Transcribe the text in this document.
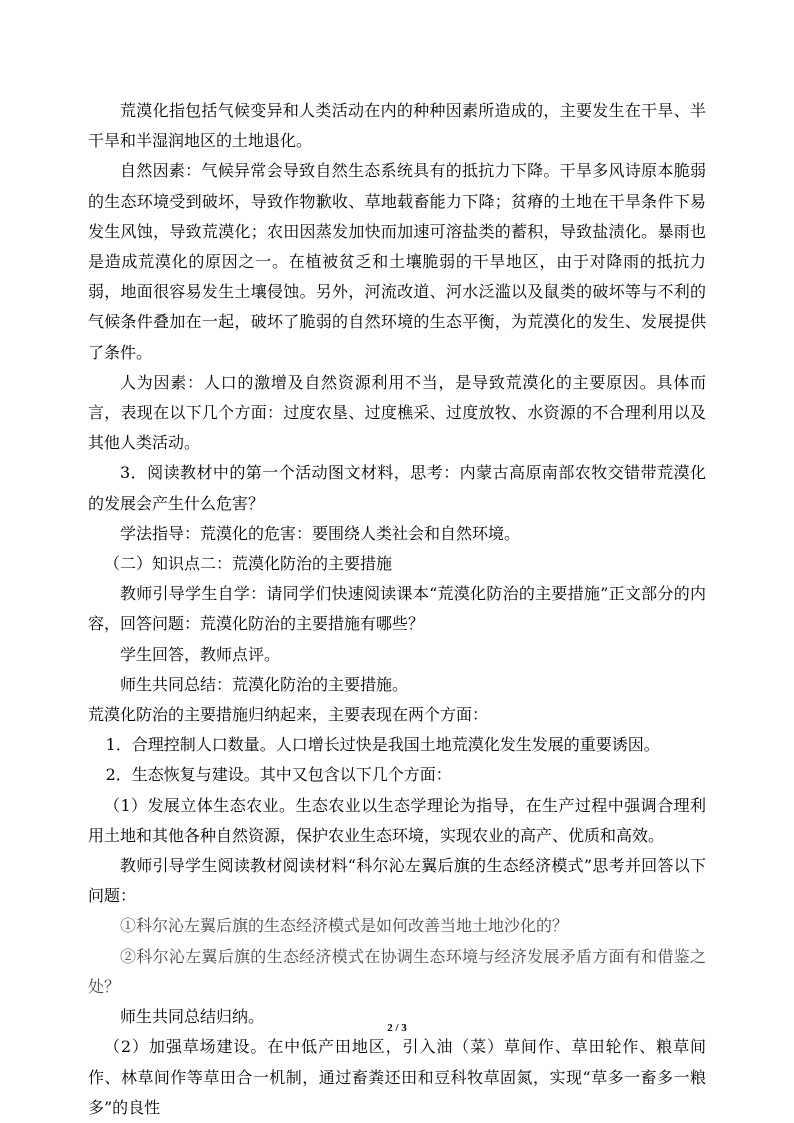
荒漠化指包括气候变异和人类活动在内的种种因素所造成的，主要发生在干旱、半干旱和半湿润地区的土地退化。

自然因素：气候异常会导致自然生态系统具有的抵抗力下降。干旱多风诗原本脆弱的生态环境受到破坏，导致作物歉收、草地载畜能力下降；贫瘠的土地在干旱条件下易发生风蚀，导致荒漠化；农田因蒸发加快而加速可溶盐类的蓄积，导致盐渍化。暴雨也是造成荒漠化的原因之一。在植被贫乏和土壤脆弱的干旱地区，由于对降雨的抵抗力弱，地面很容易发生土壤侵蚀。另外，河流改道、河水泛滥以及鼠类的破坏等与不利的气候条件叠加在一起，破坏了脆弱的自然环境的生态平衡，为荒漠化的发生、发展提供了条件。

人为因素：人口的激增及自然资源利用不当，是导致荒漠化的主要原因。具体而言，表现在以下几个方面：过度农垦、过度樵采、过度放牧、水资源的不合理利用以及其他人类活动。

3．阅读教材中的第一个活动图文材料，思考：内蒙古高原南部农牧交错带荒漠化的发展会产生什么危害？

学法指导：荒漠化的危害：要围绕人类社会和自然环境。

（二）知识点二：荒漠化防治的主要措施

教师引导学生自学：请同学们快速阅读课本“荒漠化防治的主要措施”正文部分的内容，回答问题：荒漠化防治的主要措施有哪些？

学生回答，教师点评。

师生共同总结：荒漠化防治的主要措施。

荒漠化防治的主要措施归纳起来，主要表现在两个方面：

1．合理控制人口数量。人口增长过快是我国土地荒漠化发生发展的重要诱因。

2．生态恢复与建设。其中又包含以下几个方面：

（1）发展立体生态农业。生态农业以生态学理论为指导，在生产过程中强调合理利用土地和其他各种自然资源，保护农业生态环境，实现农业的高产、优质和高效。

教师引导学生阅读教材阅读材料“科尔沁左翼后旗的生态经济模式”思考并回答以下问题：

①科尔沁左翼后旗的生态经济模式是如何改善当地土地沙化的？

②科尔沁左翼后旗的生态经济模式在协调生态环境与经济发展矛盾方面有和借鉴之处？

师生共同总结归纳。

（2）加强草场建设。在中低产田地区，引入油（菜）草间作、草田轮作、粮草间作、林草间作等草田合一机制，通过畜粪还田和豆科牧草固氮，实现“草多一畜多一粮多”的良性

2 / 3
